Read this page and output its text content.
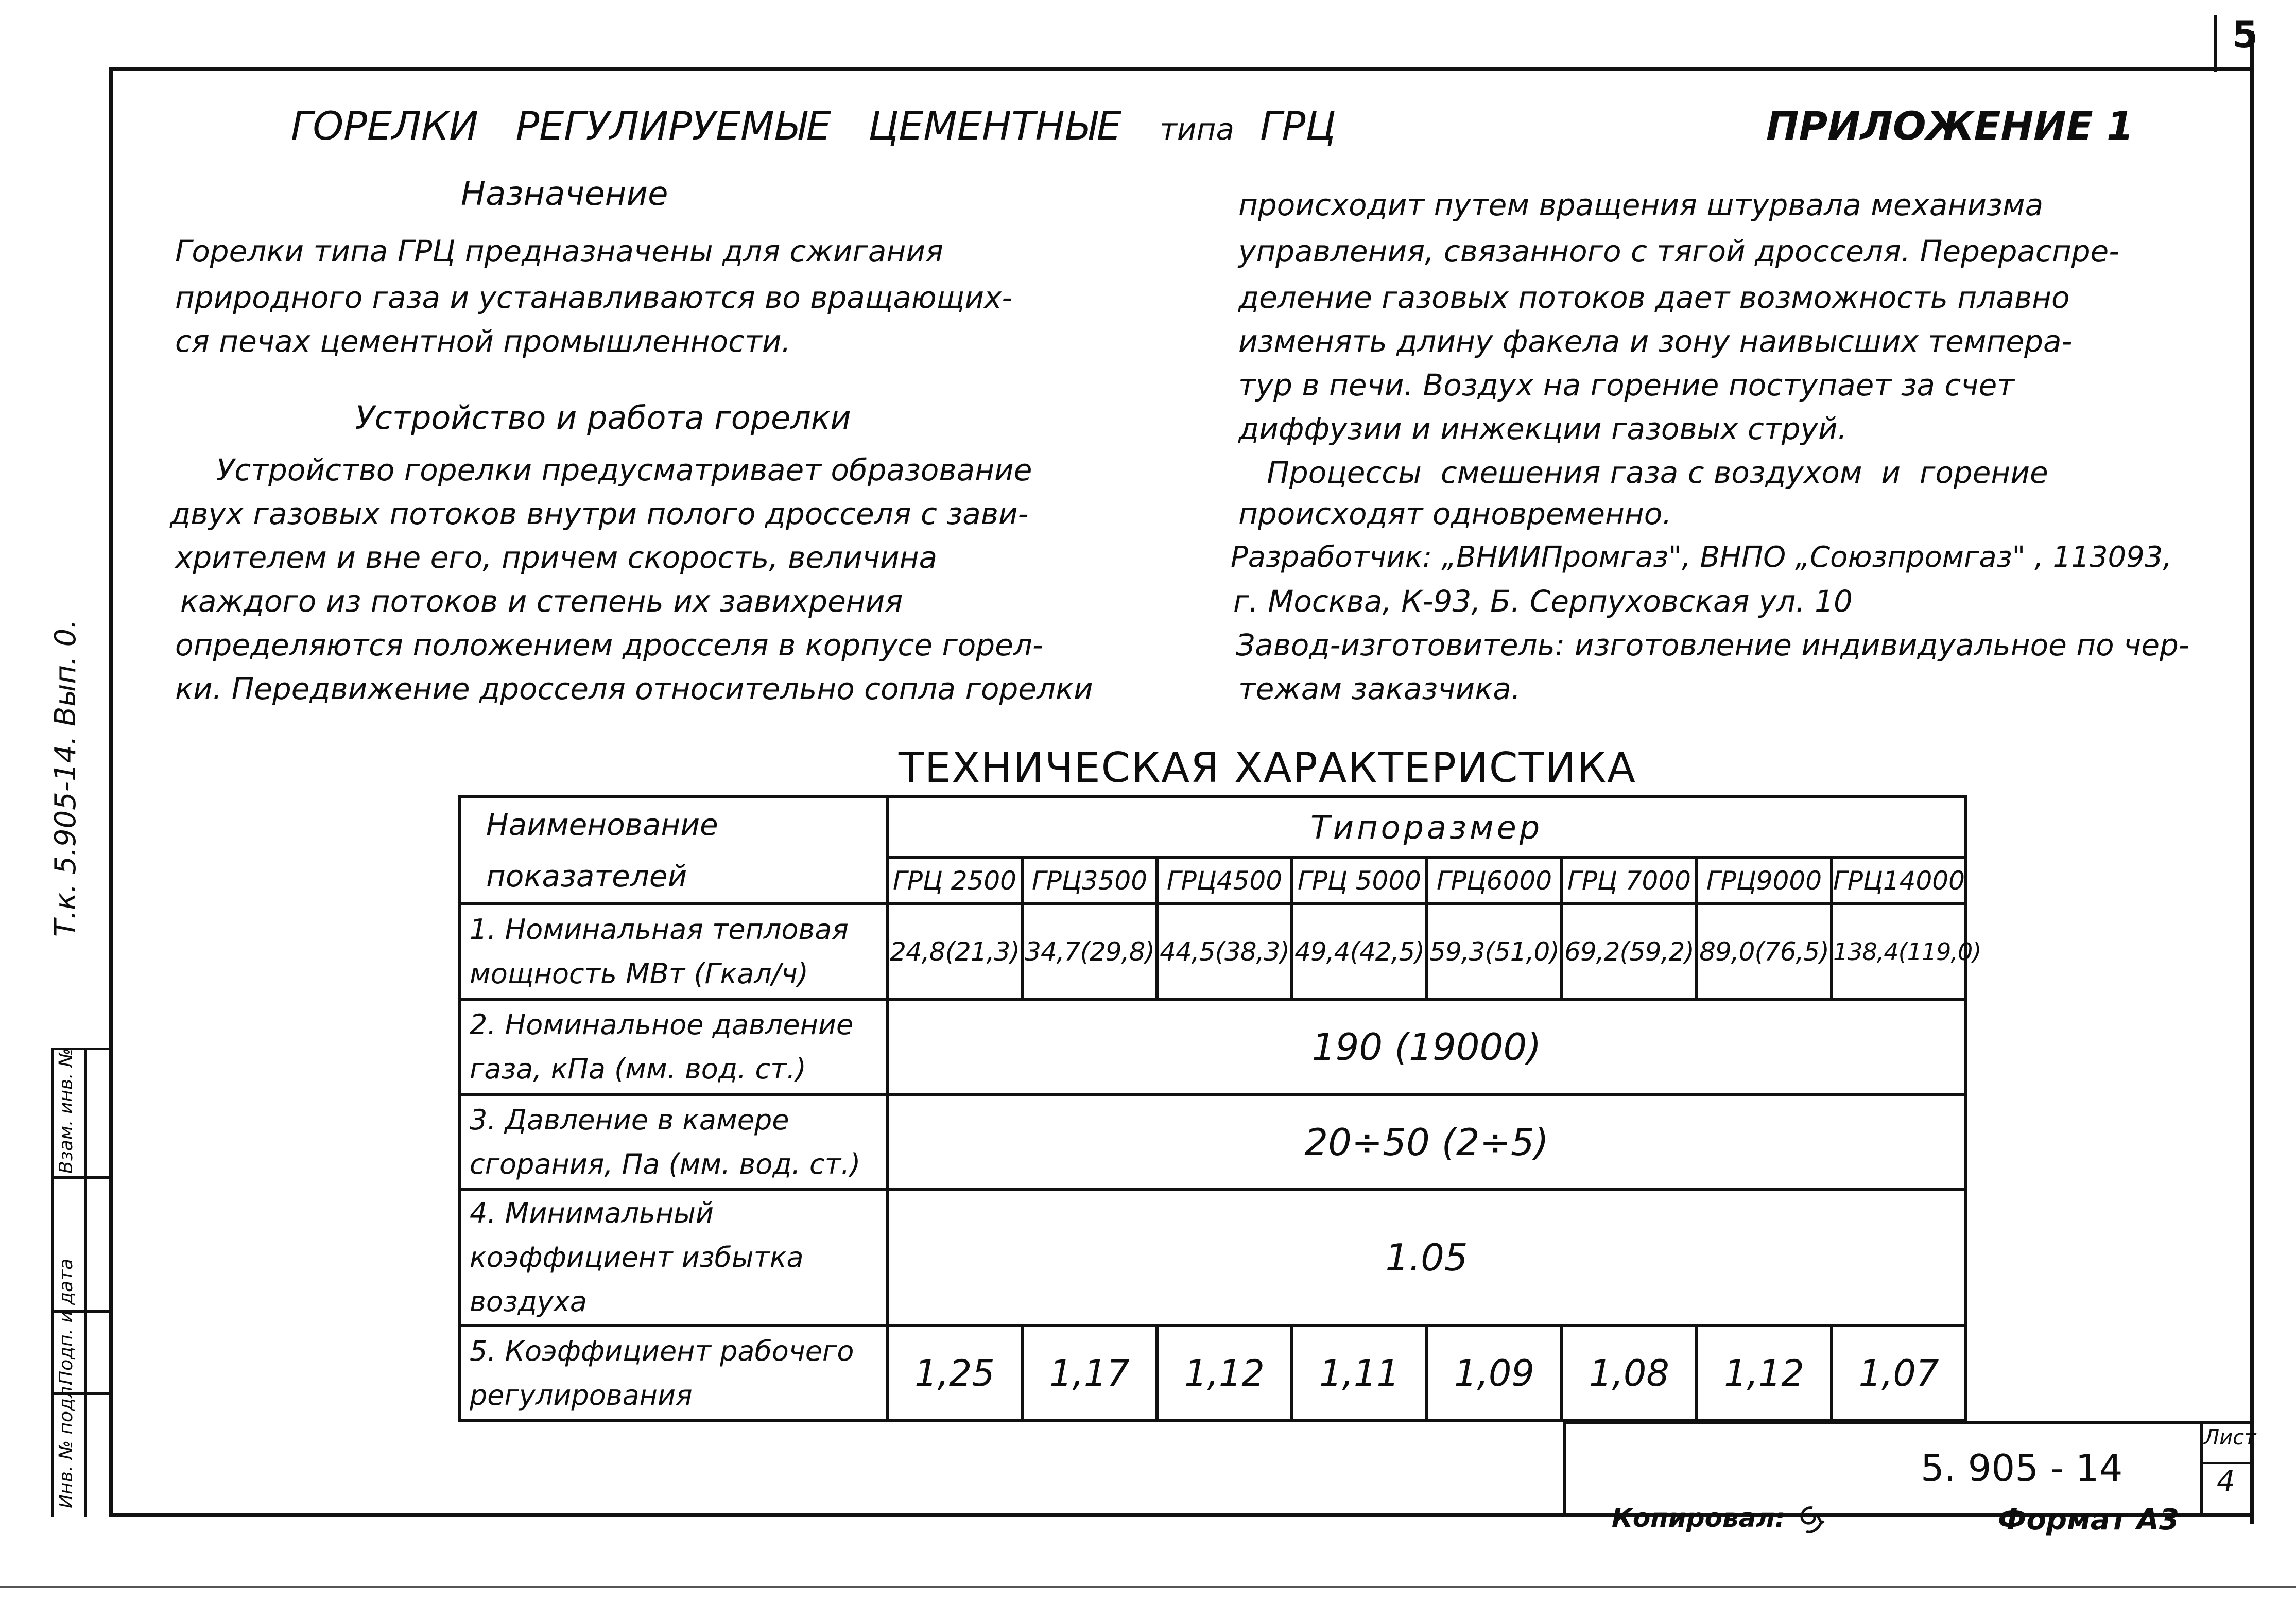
5
ГОРЕЛКИ   РЕГУЛИРУЕМЫЕ   ЦЕМЕНТНЫЕ типа ГРЦ	ПРИЛОЖЕНИЕ 1
Назначение
Горелки типа ГРЦ предназначены для сжигания
природного газа и устанавливаются во вращающих-
ся печах цементной промышленности.
Устройство и работа горелки
Устройство горелки предусматривает образование
двух газовых потоков внутри полого дросселя с зави-
хрителем и вне его, причем скорость, величина
каждого из потоков и степень их завихрения
определяются положением дросселя в корпусе горел-
ки. Передвижение дросселя относительно сопла горелки
происходит путем вращения штурвала механизма
управления, связанного с тягой дросселя. Перераспре-
деление газовых потоков дает возможность плавно
изменять длину факела и зону наивысших темпера-
тур в печи. Воздух на горение поступает за счет
диффузии и инжекции газовых струй.
Процессы  смешения газа с воздухом  и  горение
происходят одновременно.
Разработчик: „ВНИИПромгаз", ВНПО „Союзпромгаз" , 113093,
г. Москва, К-93, Б. Серпуховская ул. 10
Завод-изготовитель: изготовление индивидуальное по чер-
тежам заказчика.
ТЕХНИЧЕСКАЯ ХАРАКТЕРИСТИКА
Наименование показателей	Типоразмер							
	ГРЦ 2500	ГРЦ3500	ГРЦ4500	ГРЦ 5000	ГРЦ6000	ГРЦ 7000	ГРЦ9000	ГРЦ14000
1. Номинальная тепловая мощность МВт (Гкал/ч)	24,8(21,3)	34,7(29,8)	44,5(38,3)	49,4(42,5)	59,3(51,0)	69,2(59,2)	89,0(76,5)	138,4(119,0)
2. Номинальное давление газа, кПа (мм. вод. ст.)	190 (19000)							
3. Давление в камере сгорания, Па (мм. вод. ст.)	20÷50 (2÷5)							
4. Минимальный коэффициент избытка воздуха	1.05							
5. Коэффициент рабочего регулирования	1,25	1,17	1,12	1,11	1,09	1,08	1,12	1,07
Т.к. 5.905-14. Вып. 0.
Инв. № подл.
Подп. и дата
Взам. инв. №
5. 905 - 14
Лист
4
Копировал:	Формат А3
